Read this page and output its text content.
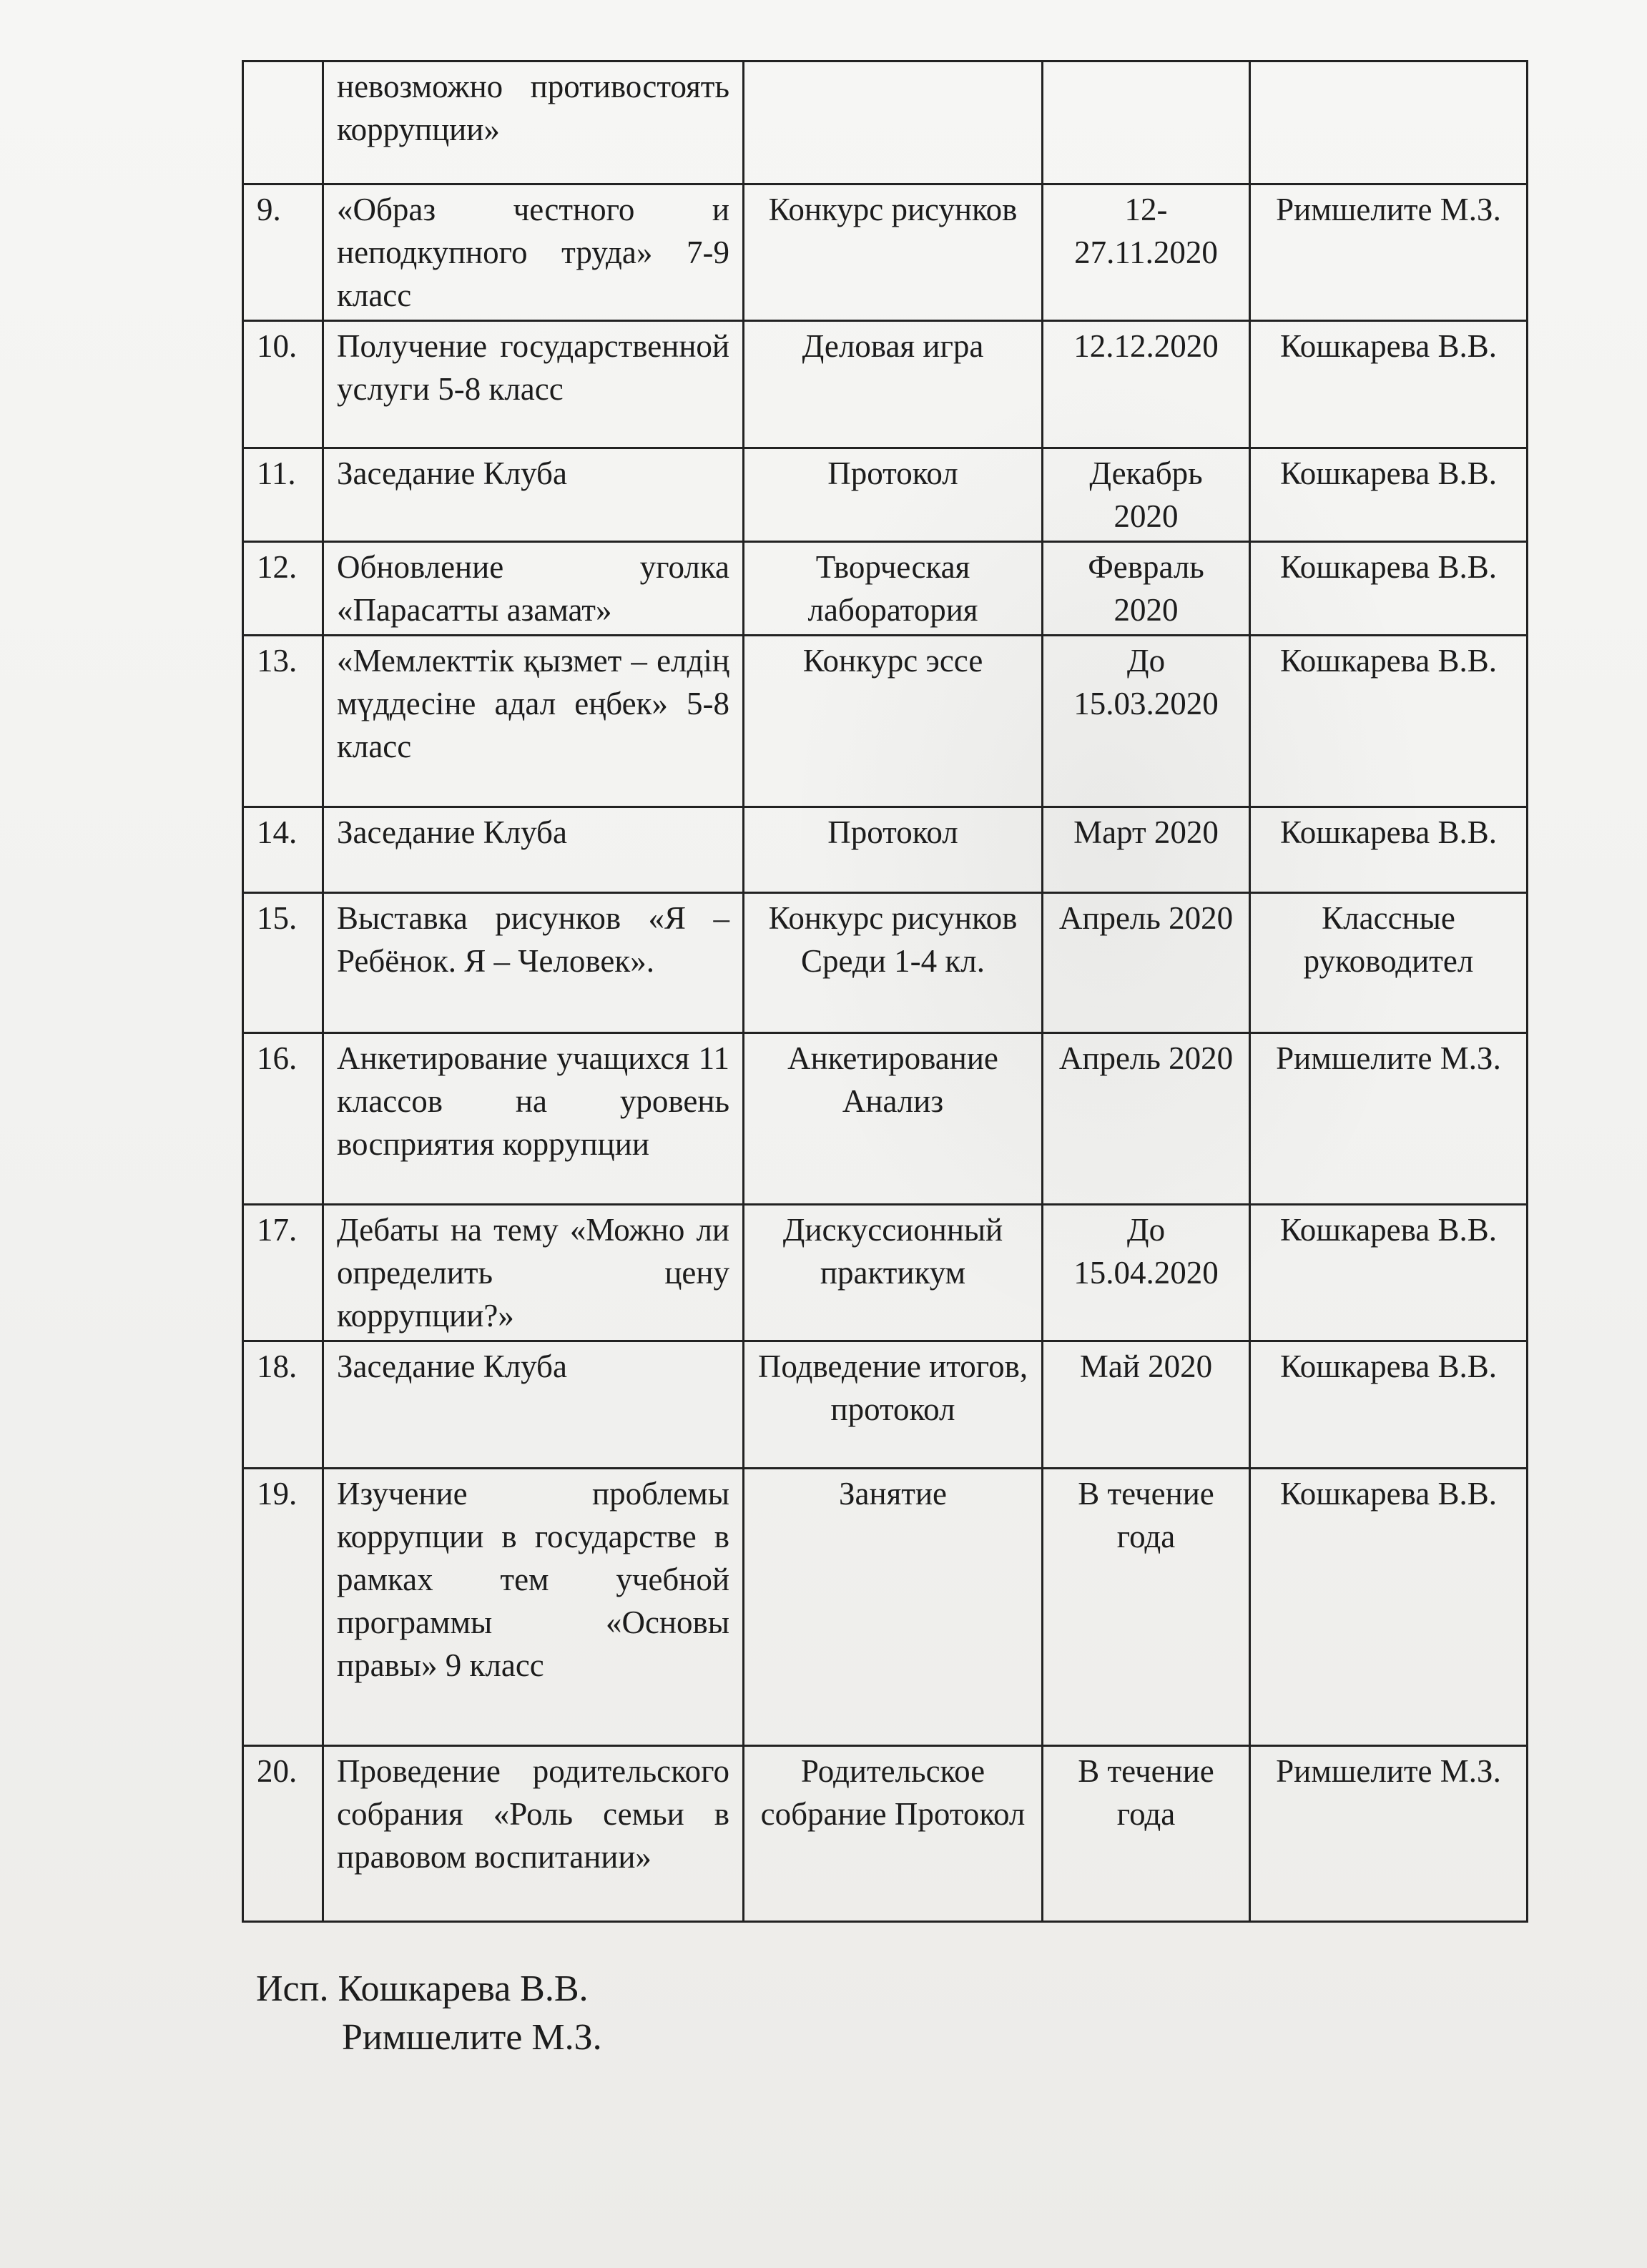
	невозможно противостоять коррупции»			
9.	«Образ честного и неподкупного труда» 7-9 класс	Конкурс рисунков	12-27.11.2020	Римшелите М.З.
10.	Получение государственной услуги 5-8 класс	Деловая игра	12.12.2020	Кошкарева В.В.
11.	Заседание Клуба	Протокол	Декабрь 2020	Кошкарева В.В.
12.	Обновление уголка «Парасатты азамат»	Творческая лаборатория	Февраль 2020	Кошкарева В.В.
13.	«Мемлекттік қызмет – елдің мүддесіне адал еңбек» 5-8 класс	Конкурс эссе	До 15.03.2020	Кошкарева В.В.
14.	Заседание Клуба	Протокол	Март 2020	Кошкарева В.В.
15.	Выставка рисунков «Я – Ребёнок. Я – Человек».	Конкурс рисунков Среди 1-4 кл.	Апрель 2020	Классные руководител
16.	Анкетирование учащихся 11 классов на уровень восприятия коррупции	Анкетирование Анализ	Апрель 2020	Римшелите М.З.
17.	Дебаты на тему «Можно ли определить цену коррупции?»	Дискуссионный практикум	До 15.04.2020	Кошкарева В.В.
18.	Заседание Клуба	Подведение итогов, протокол	Май 2020	Кошкарева В.В.
19.	Изучение проблемы коррупции в государстве в рамках тем учебной программы «Основы правы» 9 класс	Занятие	В течение года	Кошкарева В.В.
20.	Проведение родительского собрания «Роль семьи в правовом воспитании»	Родительское собрание Протокол	В течение года	Римшелите М.З.
Исп. Кошкарева В.В.
Римшелите М.З.
